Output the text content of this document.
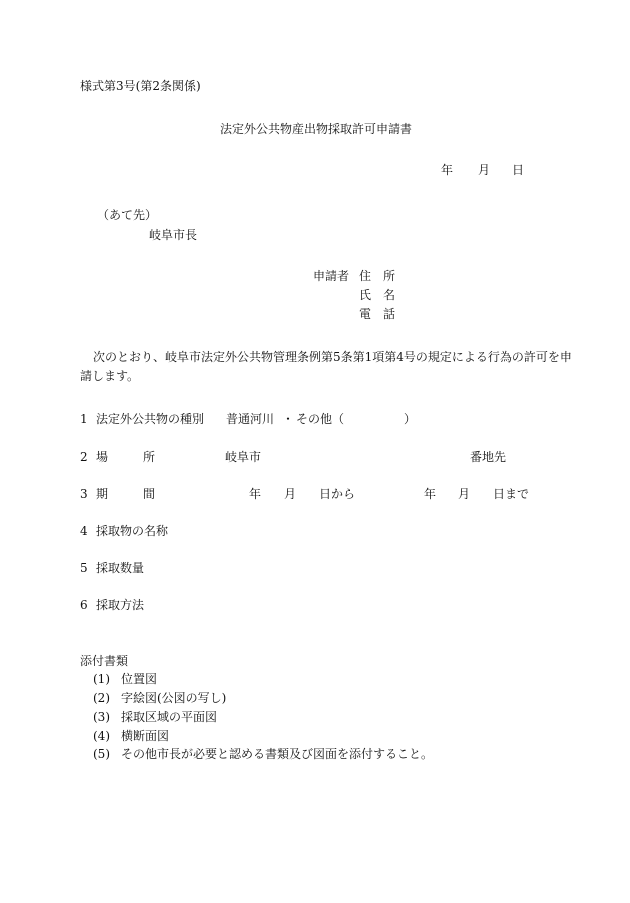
様式第3号(第2条関係)
法定外公共物産出物採取許可申請書
年 月 日
（あて先）
岐阜市長
申請者 住 所
氏 名
電 話
次のとおり、岐阜市法定外公共物管理条例第5条第1項第4号の規定による行為の許可を申
請します。
1 法定外公共物の種別 普通河川 ・ その他（	）
2 場	所	岐阜市	番地先
3 期	間	年 月 日から	年 月 日まで
4 採取物の名称
5 採取数量
6 採取方法
添付書類
(1) 位置図
(2) 字絵図(公図の写し)
(3) 採取区域の平面図
(4) 横断面図
(5) その他市長が必要と認める書類及び図面を添付すること。
